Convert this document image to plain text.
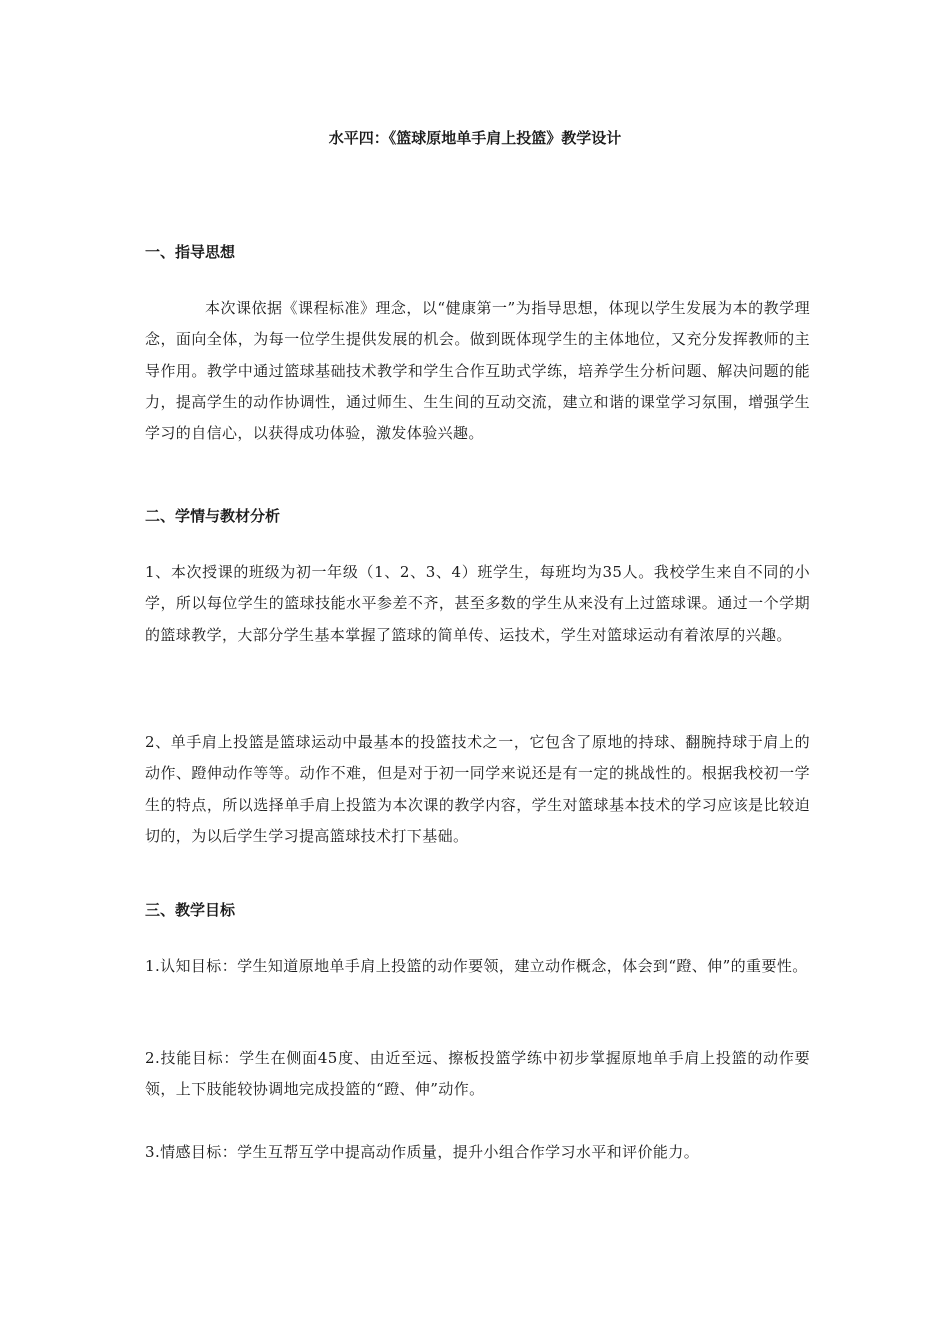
水平四：《篮球原地单手肩上投篮》教学设计
一、指导思想

本次课依据《课程标准》理念，以“健康第一”为指导思想，体现以学生发展为本的教学理念，面向全体，为每一位学生提供发展的机会。做到既体现学生的主体地位，又充分发挥教师的主导作用。教学中通过篮球基础技术教学和学生合作互助式学练，培养学生分析问题、解决问题的能力，提高学生的动作协调性，通过师生、生生间的互动交流，建立和谐的课堂学习氛围，增强学生学习的自信心，以获得成功体验，激发体验兴趣。

二、学情与教材分析

1、本次授课的班级为初一年级（1、2、3、4）班学生，每班均为35人。我校学生来自不同的小学，所以每位学生的篮球技能水平参差不齐，甚至多数的学生从来没有上过篮球课。通过一个学期的篮球教学，大部分学生基本掌握了篮球的简单传、运技术，学生对篮球运动有着浓厚的兴趣。

2、单手肩上投篮是篮球运动中最基本的投篮技术之一，它包含了原地的持球、翻腕持球于肩上的动作、蹬伸动作等等。动作不难，但是对于初一同学来说还是有一定的挑战性的。根据我校初一学生的特点，所以选择单手肩上投篮为本次课的教学内容，学生对篮球基本技术的学习应该是比较迫切的，为以后学生学习提高篮球技术打下基础。

三、教学目标

1.认知目标：学生知道原地单手肩上投篮的动作要领，建立动作概念，体会到“蹬、伸”的重要性。

2.技能目标：学生在侧面45度、由近至远、擦板投篮学练中初步掌握原地单手肩上投篮的动作要领，上下肢能较协调地完成投篮的“蹬、伸”动作。

3.情感目标：学生互帮互学中提高动作质量，提升小组合作学习水平和评价能力。
